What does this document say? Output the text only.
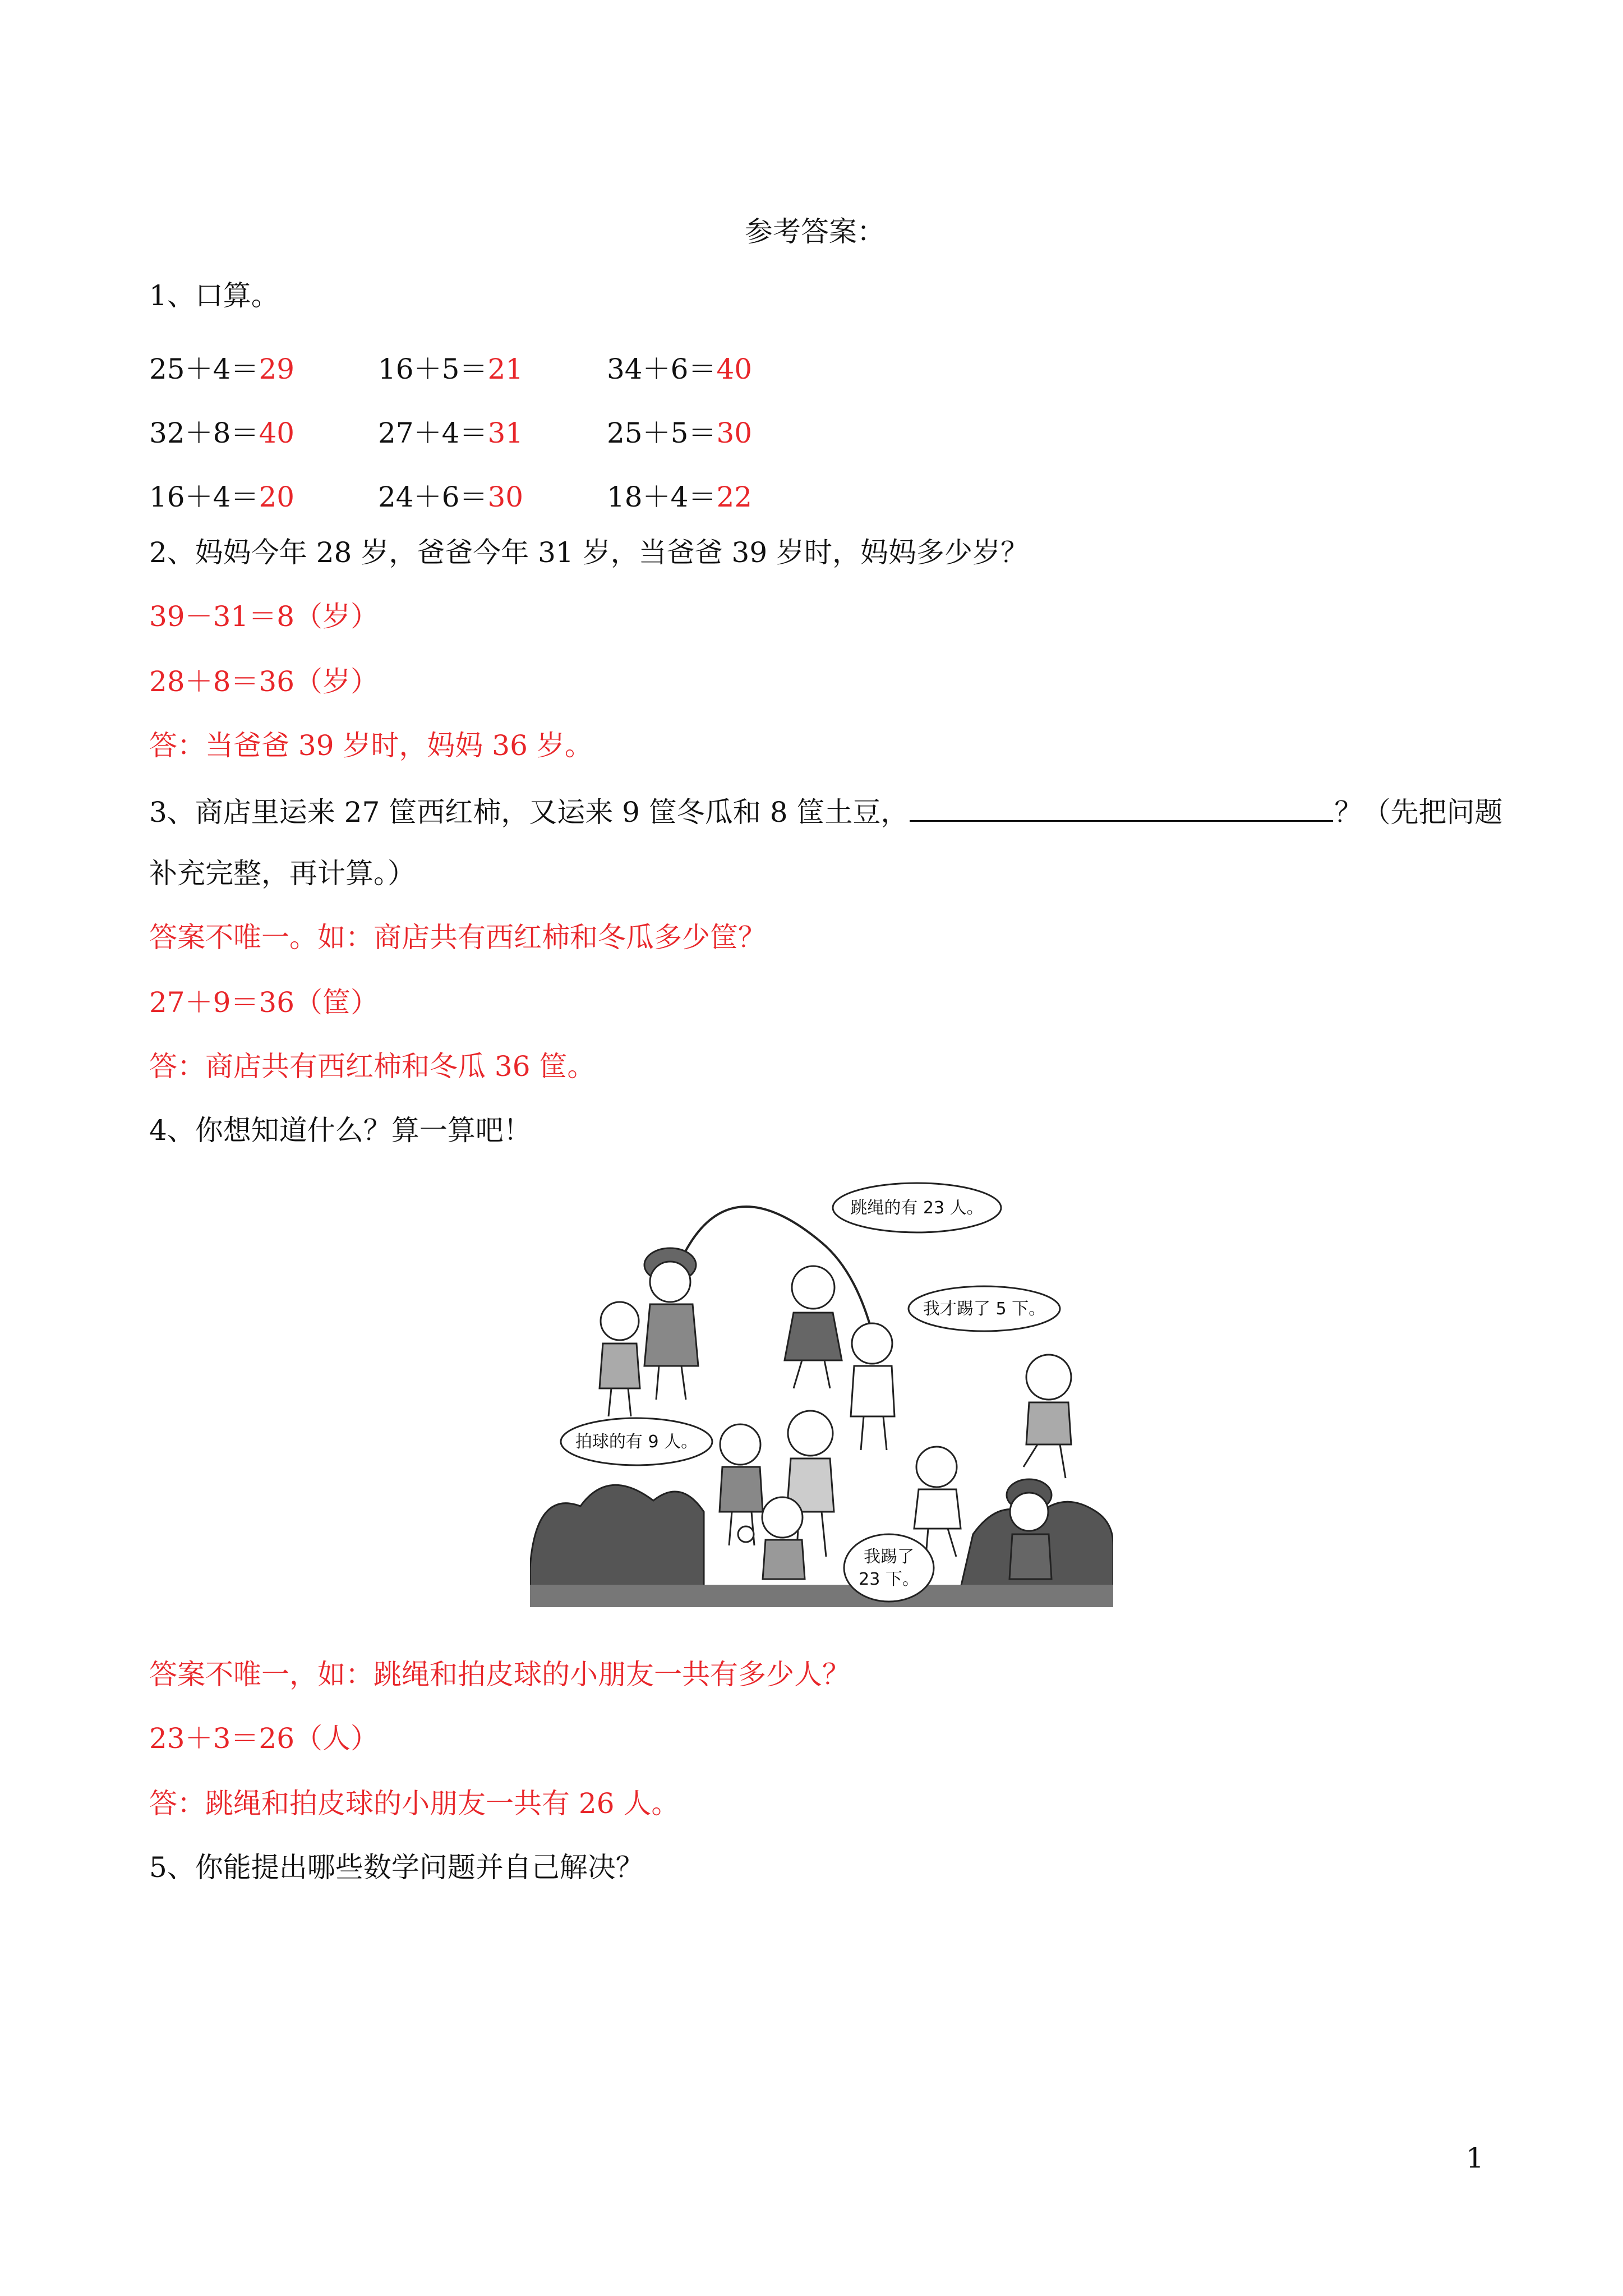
参考答案：
1、口算。
25＋4＝29	16＋5＝21	34＋6＝40
32＋8＝40	27＋4＝31	25＋5＝30
16＋4＝20	24＋6＝30	18＋4＝22
2、妈妈今年 28 岁，爸爸今年 31 岁，当爸爸 39 岁时，妈妈多少岁？
39－31＝8（岁）
28＋8＝36（岁）
答：当爸爸 39 岁时，妈妈 36 岁。
3、商店里运来 27 筐西红柿，又运来 9 筐冬瓜和 8 筐土豆，	？（先把问题
补充完整，再计算。）
答案不唯一。如：商店共有西红柿和冬瓜多少筐？
27＋9＝36（筐）
答：商店共有西红柿和冬瓜 36 筐。
4、你想知道什么？算一算吧！
跳绳的有 23 人。
我才踢了 5 下。
拍球的有 9 人。
我踢了
23 下。
答案不唯一，如：跳绳和拍皮球的小朋友一共有多少人？
23＋3＝26（人）
答：跳绳和拍皮球的小朋友一共有 26 人。
5、你能提出哪些数学问题并自己解决？
1
